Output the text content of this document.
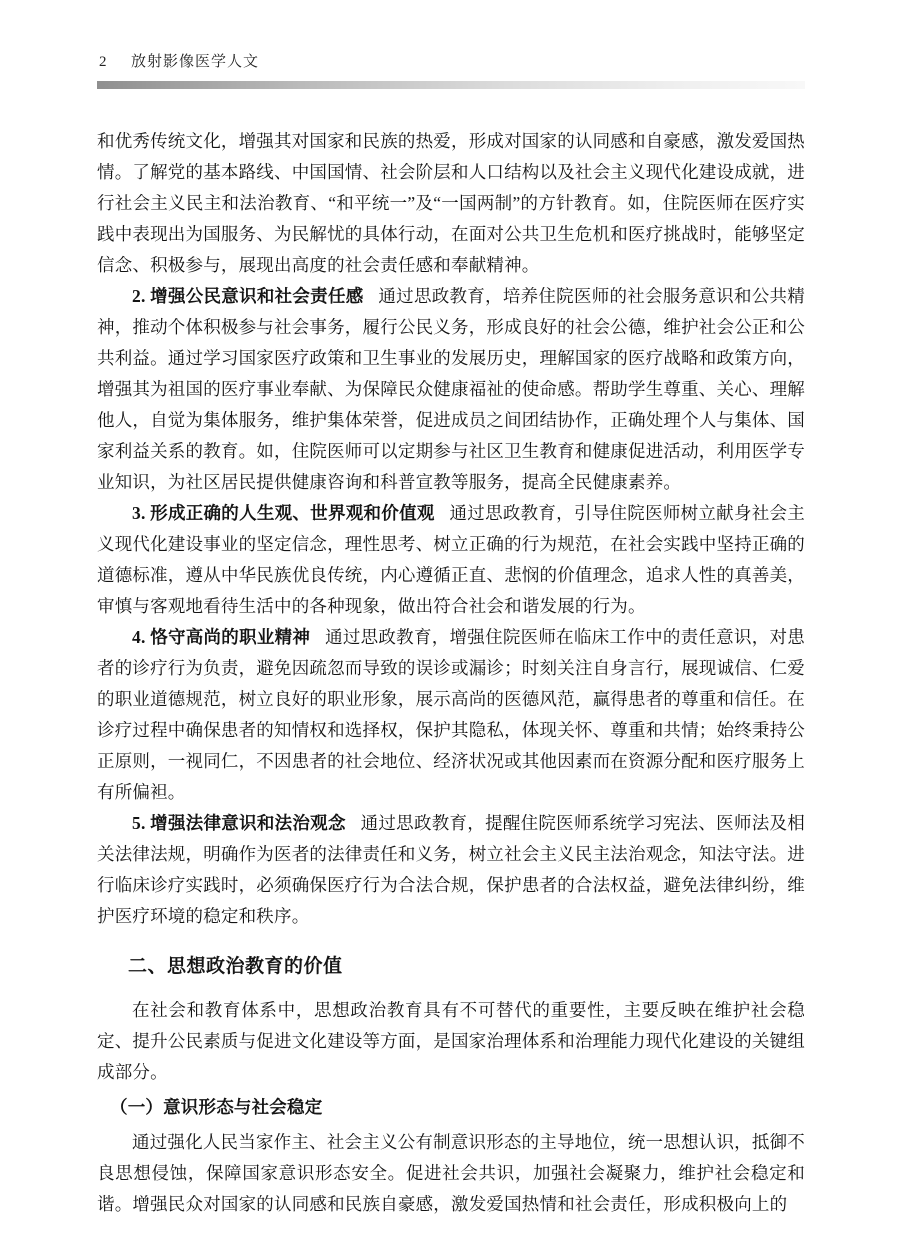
2 放射影像医学人文

和优秀传统文化，增强其对国家和民族的热爱，形成对国家的认同感和自豪感，激发爱国热情。了解党的基本路线、中国国情、社会阶层和人口结构以及社会主义现代化建设成就，进行社会主义民主和法治教育、“和平统一”及“一国两制”的方针教育。如，住院医师在医疗实践中表现出为国服务、为民解忧的具体行动，在面对公共卫生危机和医疗挑战时，能够坚定信念、积极参与，展现出高度的社会责任感和奉献精神。

2. 增强公民意识和社会责任感 通过思政教育，培养住院医师的社会服务意识和公共精神，推动个体积极参与社会事务，履行公民义务，形成良好的社会公德，维护社会公正和公共利益。通过学习国家医疗政策和卫生事业的发展历史，理解国家的医疗战略和政策方向，增强其为祖国的医疗事业奉献、为保障民众健康福祉的使命感。帮助学生尊重、关心、理解他人，自觉为集体服务，维护集体荣誉，促进成员之间团结协作，正确处理个人与集体、国家利益关系的教育。如，住院医师可以定期参与社区卫生教育和健康促进活动，利用医学专业知识，为社区居民提供健康咨询和科普宣教等服务，提高全民健康素养。

3. 形成正确的人生观、世界观和价值观 通过思政教育，引导住院医师树立献身社会主义现代化建设事业的坚定信念，理性思考、树立正确的行为规范，在社会实践中坚持正确的道德标准，遵从中华民族优良传统，内心遵循正直、悲悯的价值理念，追求人性的真善美，审慎与客观地看待生活中的各种现象，做出符合社会和谐发展的行为。

4. 恪守高尚的职业精神 通过思政教育，增强住院医师在临床工作中的责任意识，对患者的诊疗行为负责，避免因疏忽而导致的误诊或漏诊；时刻关注自身言行，展现诚信、仁爱的职业道德规范，树立良好的职业形象，展示高尚的医德风范，赢得患者的尊重和信任。在诊疗过程中确保患者的知情权和选择权，保护其隐私，体现关怀、尊重和共情；始终秉持公正原则，一视同仁，不因患者的社会地位、经济状况或其他因素而在资源分配和医疗服务上有所偏袒。

5. 增强法律意识和法治观念 通过思政教育，提醒住院医师系统学习宪法、医师法及相关法律法规，明确作为医者的法律责任和义务，树立社会主义民主法治观念，知法守法。进行临床诊疗实践时，必须确保医疗行为合法合规，保护患者的合法权益，避免法律纠纷，维护医疗环境的稳定和秩序。

二、思想政治教育的价值

在社会和教育体系中，思想政治教育具有不可替代的重要性，主要反映在维护社会稳定、提升公民素质与促进文化建设等方面，是国家治理体系和治理能力现代化建设的关键组成部分。

（一）意识形态与社会稳定

通过强化人民当家作主、社会主义公有制意识形态的主导地位，统一思想认识，抵御不良思想侵蚀，保障国家意识形态安全。促进社会共识，加强社会凝聚力，维护社会稳定和谐。增强民众对国家的认同感和民族自豪感，激发爱国热情和社会责任，形成积极向上的
